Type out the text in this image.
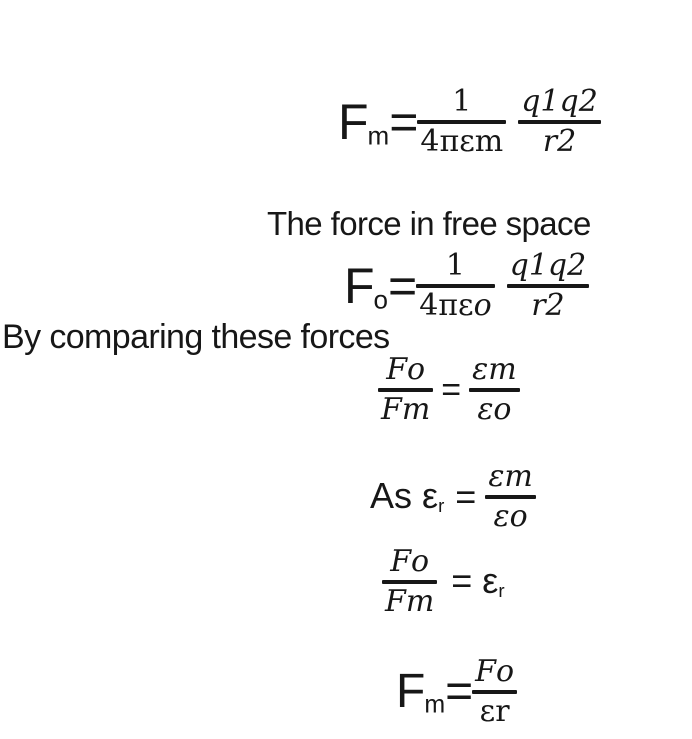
$F_m= \frac{1}{\text{4πεm}} \frac{q1q2}{r2}$
The force in free space
$F_o= \frac{1}{\text{4πεo}} \frac{q1q2}{r2}$
By comparing these forces
$\frac{Fo}{Fm} = \frac{\varepsilon m}{\varepsilon o}$
As $\varepsilon_r = \frac{\varepsilon m}{\varepsilon o}$
$\frac{Fo}{Fm} = \varepsilon_r$
$F_m= \frac{Fo}{\varepsilon r}$
